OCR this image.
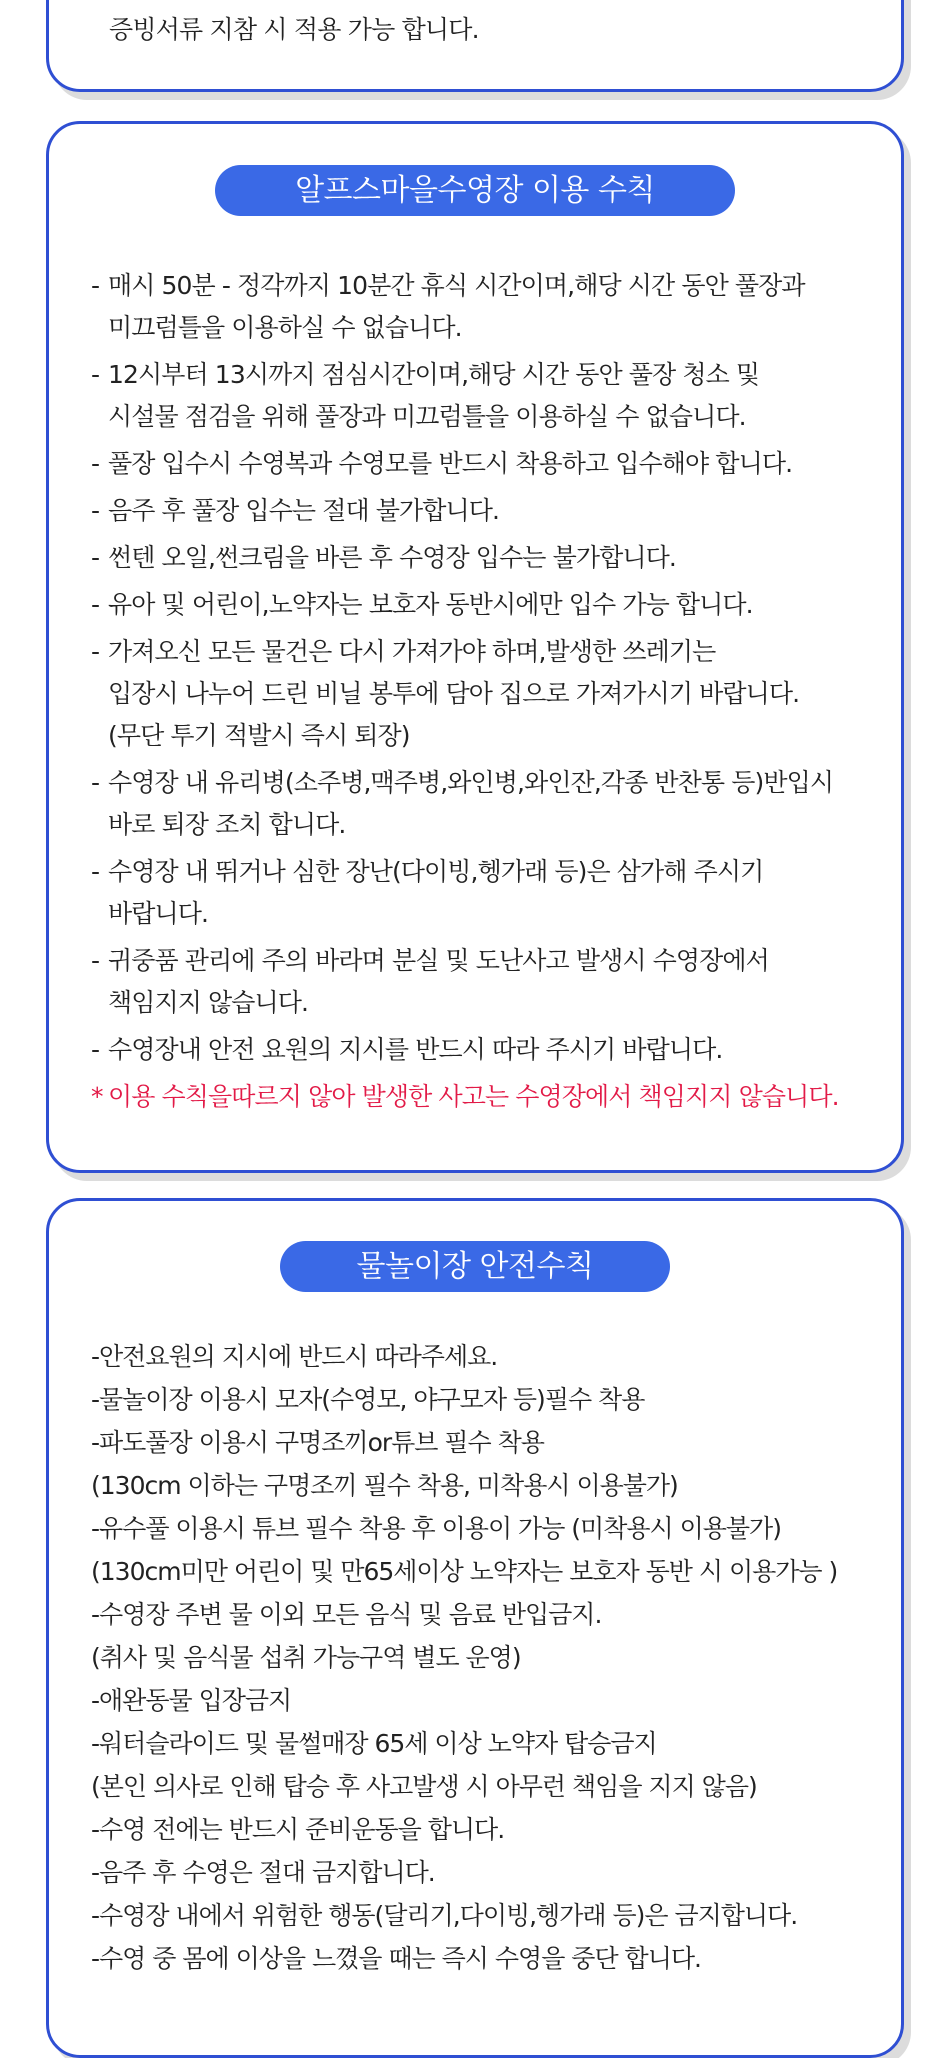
증빙서류 지참 시 적용 가능 합니다.
알프스마을수영장 이용 수칙
- 매시 50분 - 정각까지 10분간 휴식 시간이며,해당 시간 동안 풀장과
미끄럼틀을 이용하실 수 없습니다.
- 12시부터 13시까지 점심시간이며,해당 시간 동안 풀장 청소 및
시설물 점검을 위해 풀장과 미끄럼틀을 이용하실 수 없습니다.
- 풀장 입수시 수영복과 수영모를 반드시 착용하고 입수해야 합니다.
- 음주 후 풀장 입수는 절대 불가합니다.
- 썬텐 오일,썬크림을 바른 후 수영장 입수는 불가합니다.
- 유아 및 어린이,노약자는 보호자 동반시에만 입수 가능 합니다.
- 가져오신 모든 물건은 다시 가져가야 하며,발생한 쓰레기는
입장시 나누어 드린 비닐 봉투에 담아 집으로 가져가시기 바랍니다.
(무단 투기 적발시 즉시 퇴장)
- 수영장 내 유리병(소주병,맥주병,와인병,와인잔,각종 반찬통 등)반입시
바로 퇴장 조치 합니다.
- 수영장 내 뛰거나 심한 장난(다이빙,헹가래 등)은 삼가해 주시기
바랍니다.
- 귀중품 관리에 주의 바라며 분실 및 도난사고 발생시 수영장에서
책임지지 않습니다.
- 수영장내 안전 요원의 지시를 반드시 따라 주시기 바랍니다.
* 이용 수칙을따르지 않아 발생한 사고는 수영장에서 책임지지 않습니다.
물놀이장 안전수칙
-안전요원의 지시에 반드시 따라주세요.
-물놀이장 이용시 모자(수영모, 야구모자 등)필수 착용
-파도풀장 이용시 구명조끼or튜브 필수 착용
(130cm 이하는 구명조끼 필수 착용, 미착용시 이용불가)
-유수풀 이용시 튜브 필수 착용 후 이용이 가능 (미착용시 이용불가)
(130cm미만 어린이 및 만65세이상 노약자는 보호자 동반 시 이용가능 )
-수영장 주변 물 이외 모든 음식 및 음료 반입금지.
(취사 및 음식물 섭취 가능구역 별도 운영)
-애완동물 입장금지
-워터슬라이드 및 물썰매장 65세 이상 노약자 탑승금지
(본인 의사로 인해 탑승 후 사고발생 시 아무런 책임을 지지 않음)
-수영 전에는 반드시 준비운동을 합니다.
-음주 후 수영은 절대 금지합니다.
-수영장 내에서 위험한 행동(달리기,다이빙,헹가래 등)은 금지합니다.
-수영 중 몸에 이상을 느꼈을 때는 즉시 수영을 중단 합니다.
